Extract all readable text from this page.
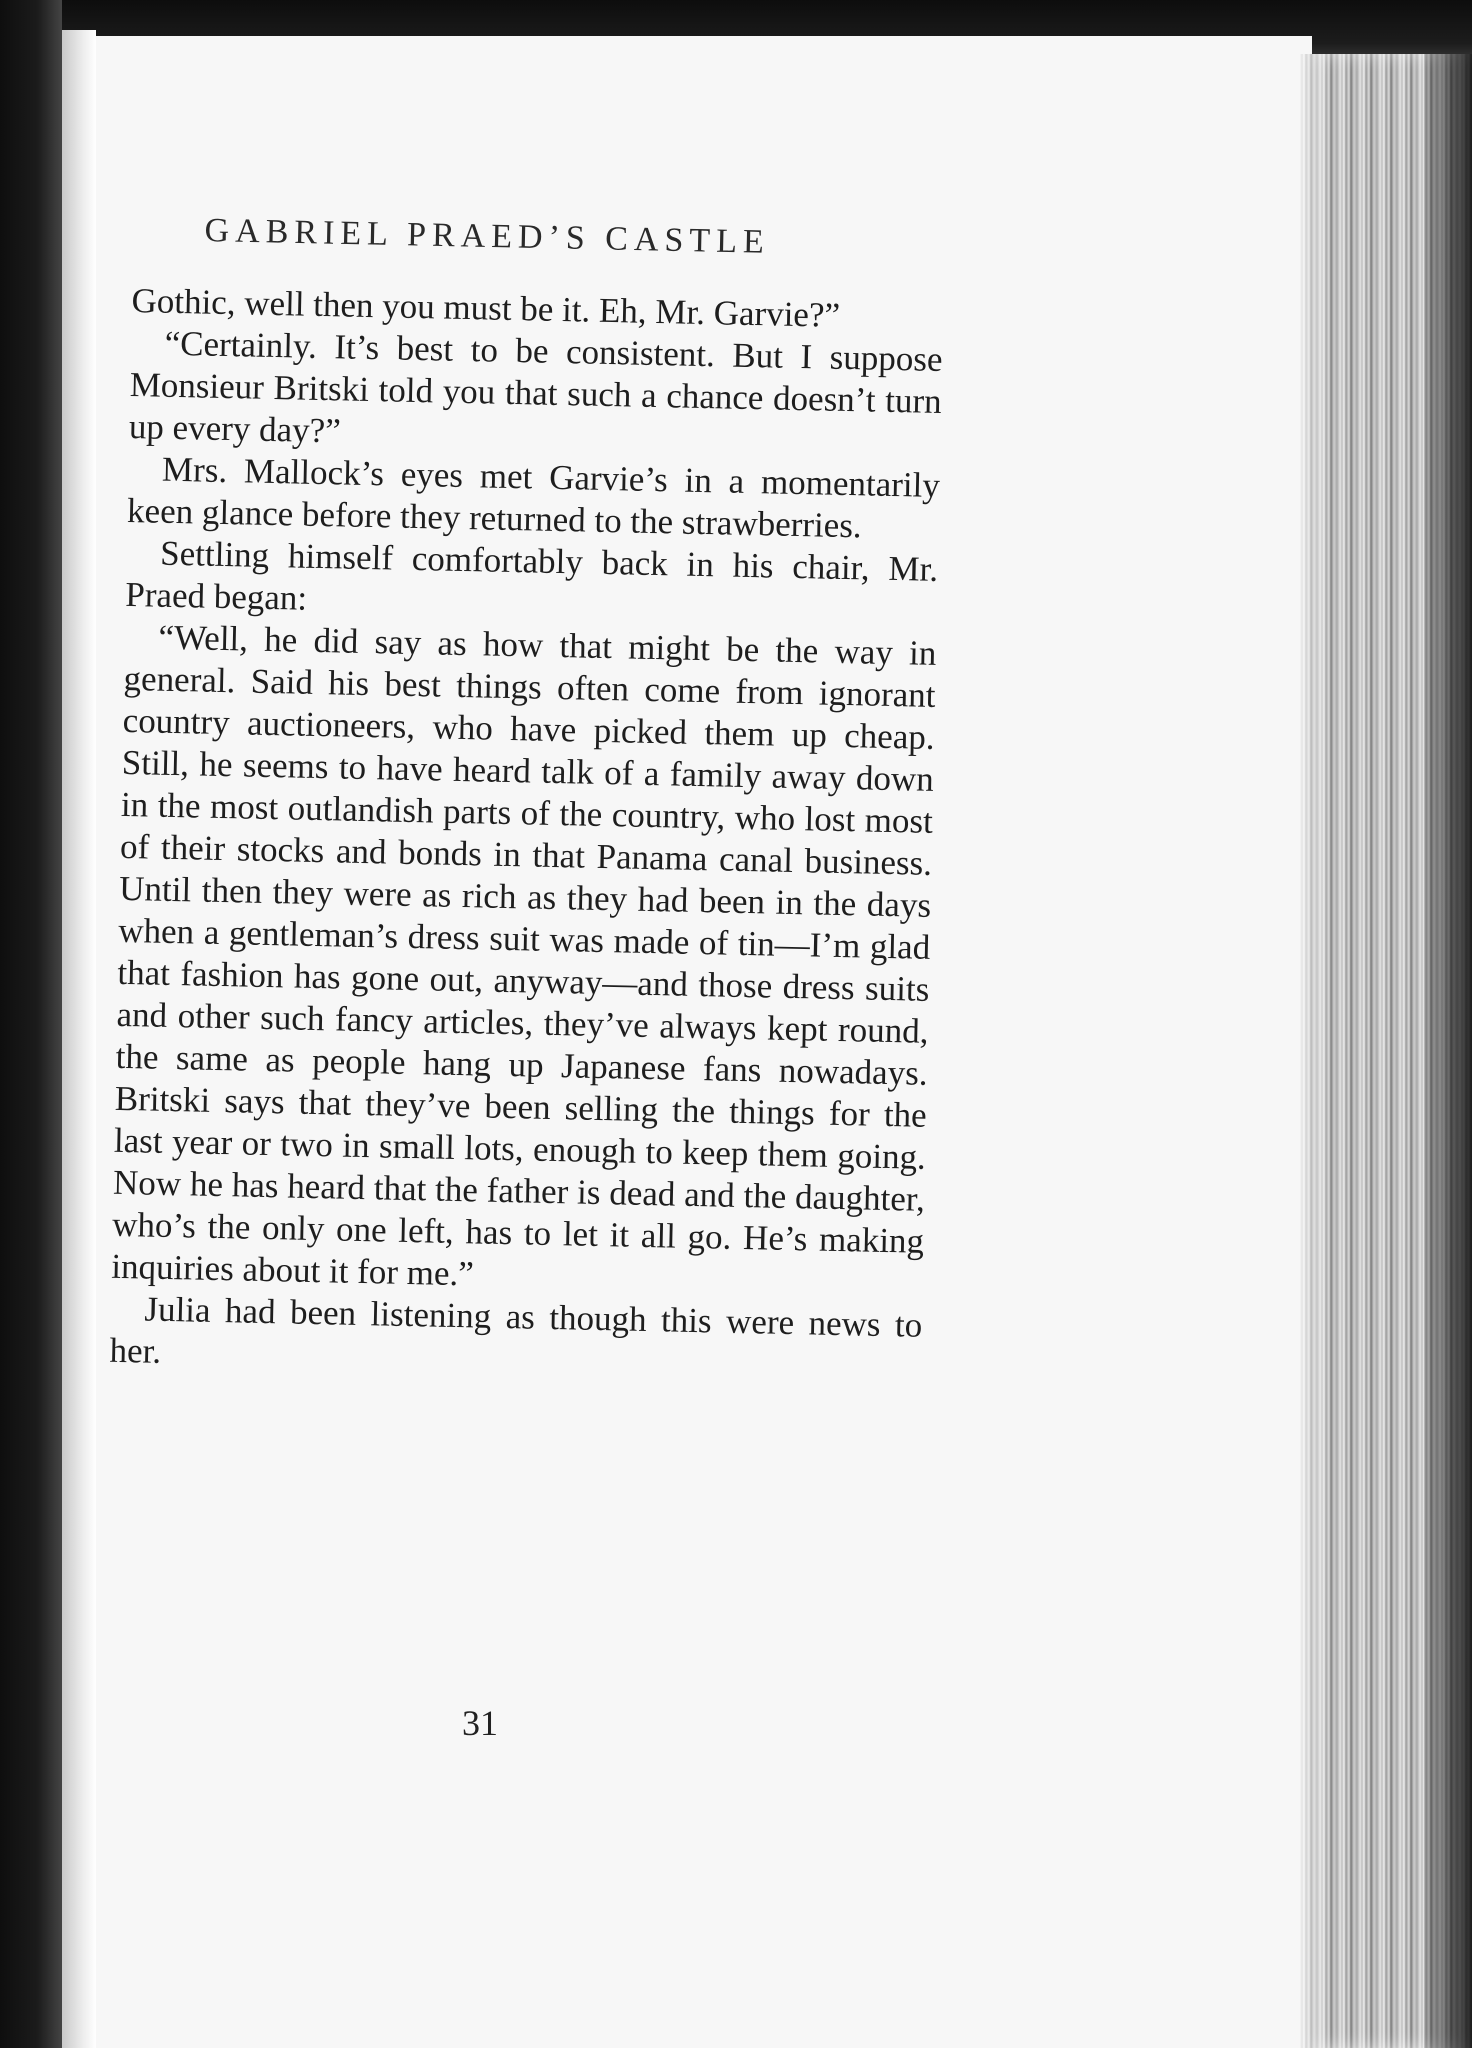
GABRIEL PRAED’S CASTLE

Gothic, well then you must be it. Eh, Mr. Garvie?”

“Certainly. It’s best to be consistent. But I suppose Monsieur Britski told you that such a chance doesn’t turn up every day?”

Mrs. Mallock’s eyes met Garvie’s in a momentarily keen glance before they returned to the strawberries.

Settling himself comfortably back in his chair, Mr. Praed began:

“Well, he did say as how that might be the way in general. Said his best things often come from ignorant country auctioneers, who have picked them up cheap. Still, he seems to have heard talk of a family away down in the most outlandish parts of the country, who lost most of their stocks and bonds in that Panama canal business. Until then they were as rich as they had been in the days when a gentleman’s dress suit was made of tin—I’m glad that fashion has gone out, anyway—and those dress suits and other such fancy articles, they’ve always kept round, the same as people hang up Japanese fans nowadays. Britski says that they’ve been selling the things for the last year or two in small lots, enough to keep them going. Now he has heard that the father is dead and the daughter, who’s the only one left, has to let it all go. He’s making inquiries about it for me.”

Julia had been listening as though this were news to her.

31
